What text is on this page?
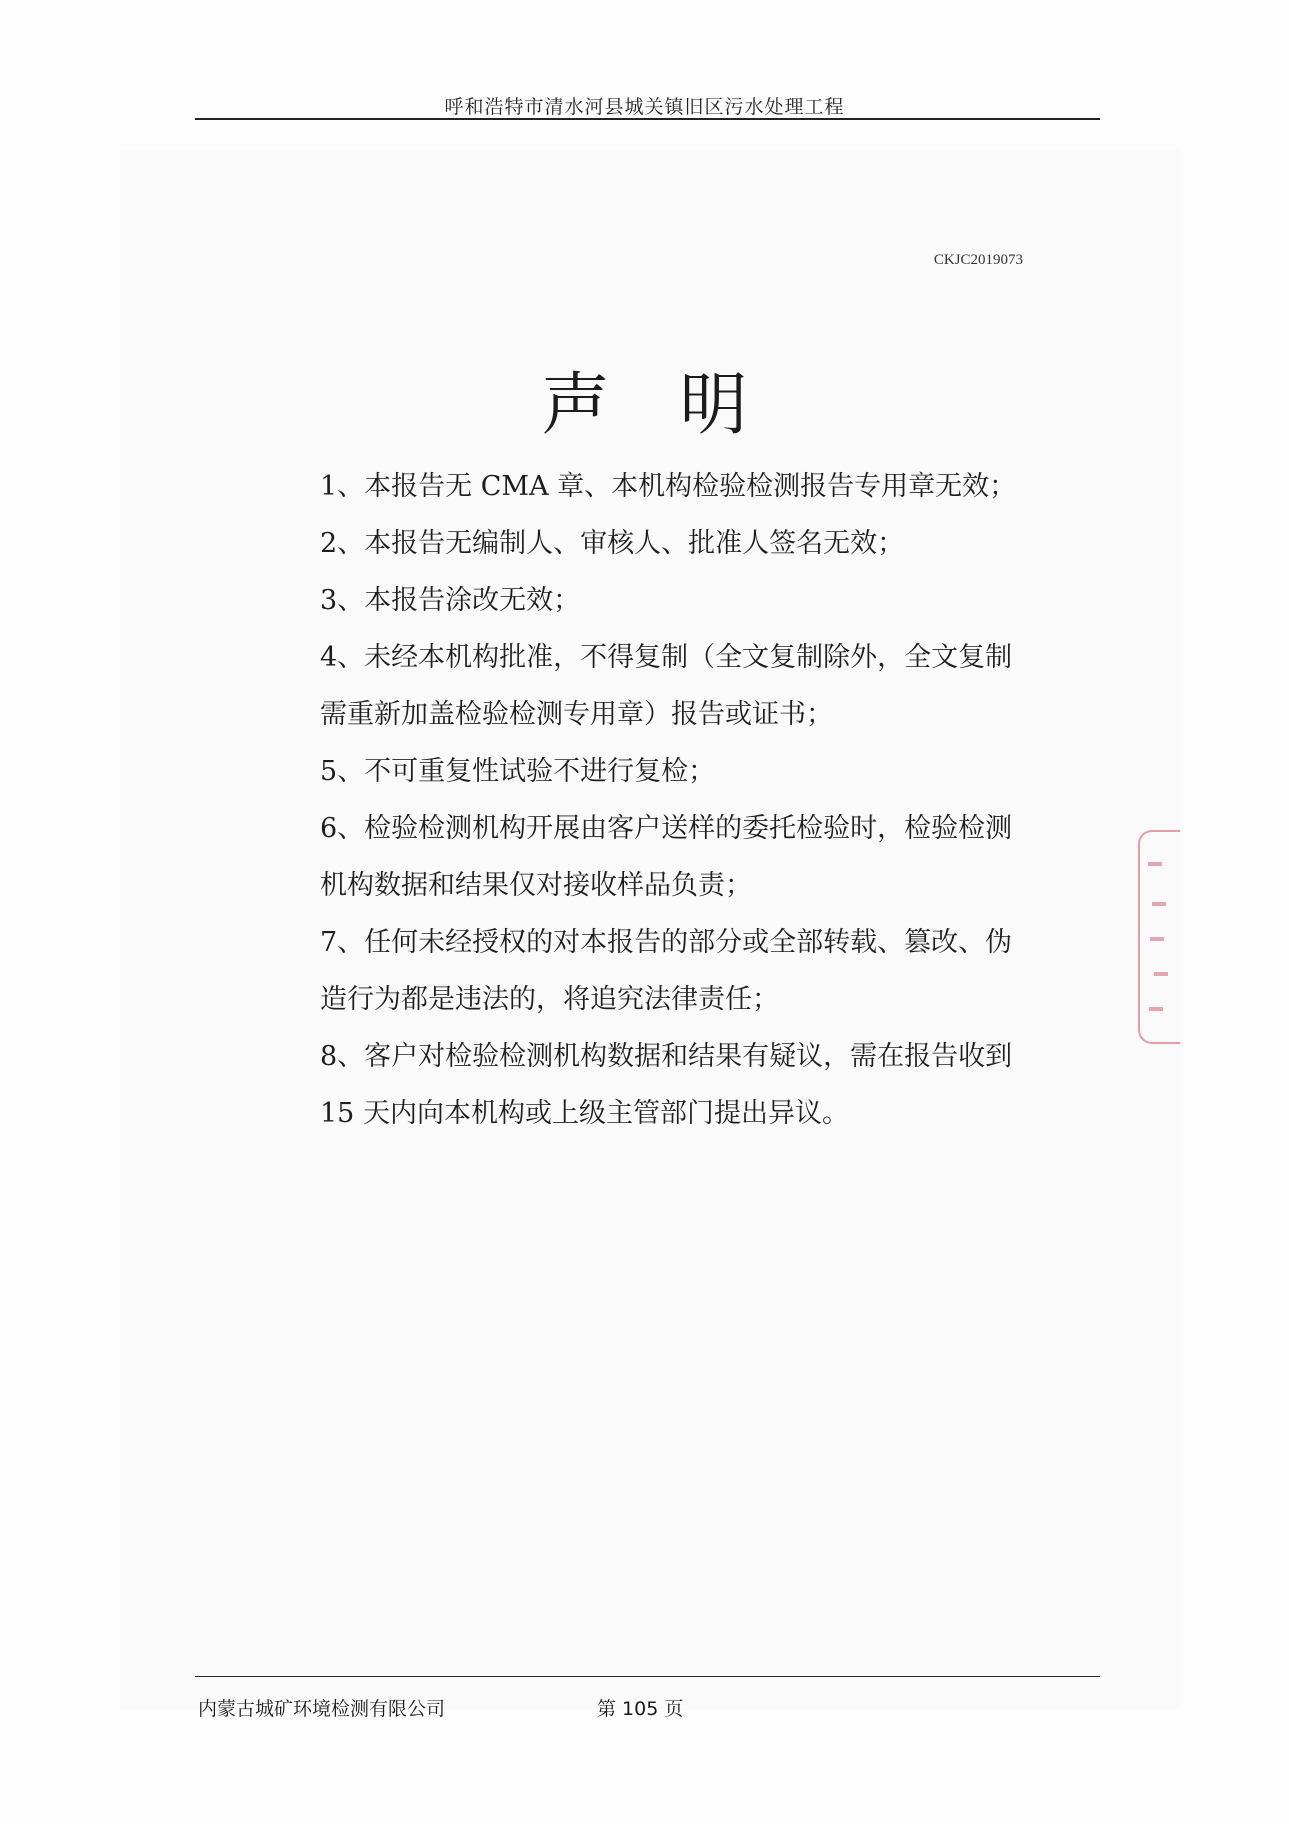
呼和浩特市清水河县城关镇旧区污水处理工程
CKJC2019073
声明

1、本报告无 CMA 章、本机构检验检测报告专用章无效；

2、本报告无编制人、审核人、批准人签名无效；

3、本报告涂改无效；

4、未经本机构批准，不得复制（全文复制除外，全文复制需重新加盖检验检测专用章）报告或证书；

5、不可重复性试验不进行复检；

6、检验检测机构开展由客户送样的委托检验时，检验检测机构数据和结果仅对接收样品负责；

7、任何未经授权的对本报告的部分或全部转载、篡改、伪造行为都是违法的，将追究法律责任；

8、客户对检验检测机构数据和结果有疑议，需在报告收到 15 天内向本机构或上级主管部门提出异议。

内蒙古城矿环境检测有限公司	第 105 页
